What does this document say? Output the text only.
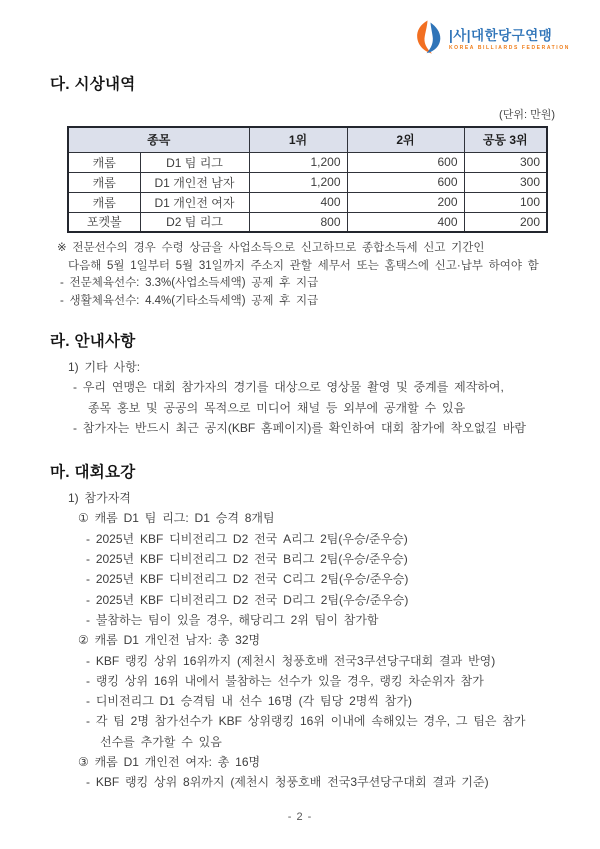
|사|대한당구연맹
KOREA BILLIARDS FEDERATION
다. 시상내역
(단위: 만원)
종목		1위	2위	공동 3위
캐롬	D1 팀 리그	1,200	600	300
캐롬	D1 개인전 남자	1,200	600	300
캐롬	D1 개인전 여자	400	200	100
포켓볼	D2 팀 리그	800	400	200
※ 전문선수의 경우 수령 상금을 사업소득으로 신고하므로 종합소득세 신고 기간인
다음해 5월 1일부터 5월 31일까지 주소지 관할 세무서 또는 홈택스에 신고·납부 하여야 함
- 전문체육선수: 3.3%(사업소득세액) 공제 후 지급
- 생활체육선수: 4.4%(기타소득세액) 공제 후 지급
라. 안내사항
1) 기타 사항:
- 우리 연맹은 대회 참가자의 경기를 대상으로 영상물 촬영 및 중계를 제작하여,
종목 홍보 및 공공의 목적으로 미디어 채널 등 외부에 공개할 수 있음
- 참가자는 반드시 최근 공지(KBF 홈페이지)를 확인하여 대회 참가에 착오없길 바람
마. 대회요강
1) 참가자격
① 캐롬 D1 팀 리그: D1 승격 8개팀
- 2025년 KBF 디비전리그 D2 전국 A리그 2팀(우승/준우승)
- 2025년 KBF 디비전리그 D2 전국 B리그 2팀(우승/준우승)
- 2025년 KBF 디비전리그 D2 전국 C리그 2팀(우승/준우승)
- 2025년 KBF 디비전리그 D2 전국 D리그 2팀(우승/준우승)
- 불참하는 팀이 있을 경우, 해당리그 2위 팀이 참가함
② 캐롬 D1 개인전 남자: 총 32명
- KBF 랭킹 상위 16위까지 (제천시 청풍호배 전국3쿠션당구대회 결과 반영)
- 랭킹 상위 16위 내에서 불참하는 선수가 있을 경우, 랭킹 차순위자 참가
- 디비전리그 D1 승격팀 내 선수 16명 (각 팀당 2명씩 참가)
- 각 팀 2명 참가선수가 KBF 상위랭킹 16위 이내에 속해있는 경우, 그 팀은 참가
선수를 추가할 수 있음
③ 캐롬 D1 개인전 여자: 총 16명
- KBF 랭킹 상위 8위까지 (제천시 청풍호배 전국3쿠션당구대회 결과 기준)
- 2 -
